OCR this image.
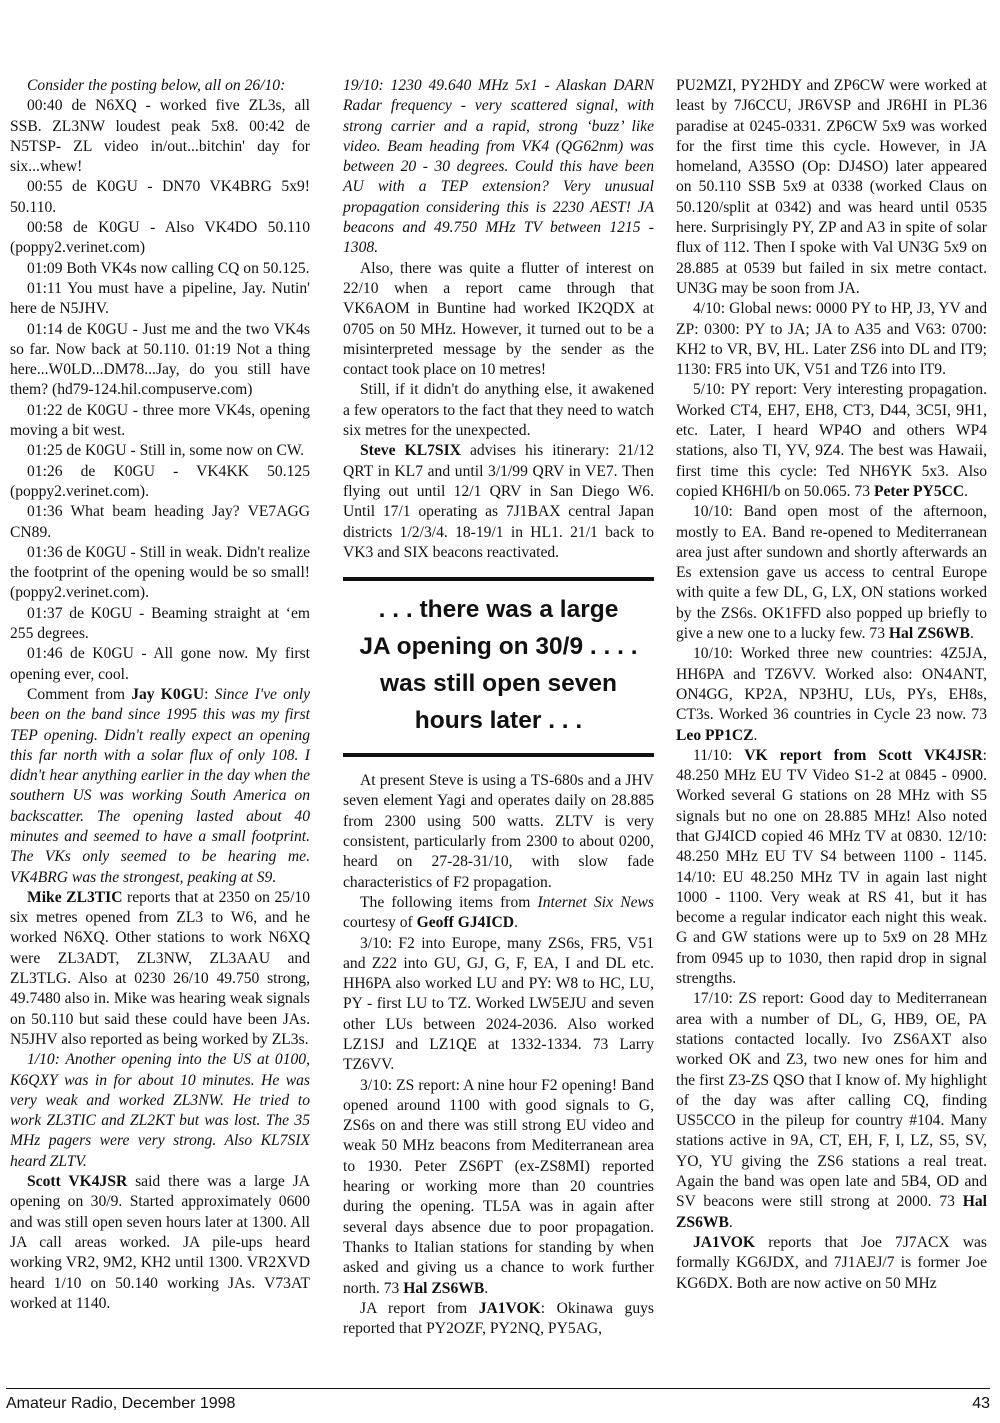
Consider the posting below, all on 26/10:

00:40 de N6XQ - worked five ZL3s, all SSB. ZL3NW loudest peak 5x8. 00:42 de N5TSP- ZL video in/out...bitchin' day for six...whew!

00:55 de K0GU - DN70 VK4BRG 5x9! 50.110.

00:58 de K0GU - Also VK4DO 50.110 (poppy2.verinet.com)

01:09 Both VK4s now calling CQ on 50.125.

01:11 You must have a pipeline, Jay. Nutin' here de N5JHV.

01:14 de K0GU - Just me and the two VK4s so far. Now back at 50.110. 01:19 Not a thing here...W0LD...DM78...Jay, do you still have them? (hd79-124.hil.compuserve.com)

01:22 de K0GU - three more VK4s, opening moving a bit west.

01:25 de K0GU - Still in, some now on CW.

01:26 de K0GU - VK4KK 50.125 (poppy2.verinet.com).

01:36 What beam heading Jay? VE7AGG CN89.

01:36 de K0GU - Still in weak. Didn't realize the footprint of the opening would be so small! (poppy2.verinet.com).

01:37 de K0GU - Beaming straight at ‘em 255 degrees.

01:46 de K0GU - All gone now. My first opening ever, cool.

Comment from Jay K0GU: Since I've only been on the band since 1995 this was my first TEP opening. Didn't really expect an opening this far north with a solar flux of only 108. I didn't hear anything earlier in the day when the southern US was working South America on backscatter. The opening lasted about 40 minutes and seemed to have a small footprint. The VKs only seemed to be hearing me. VK4BRG was the strongest, peaking at S9.

Mike ZL3TIC reports that at 2350 on 25/10 six metres opened from ZL3 to W6, and he worked N6XQ. Other stations to work N6XQ were ZL3ADT, ZL3NW, ZL3AAU and ZL3TLG. Also at 0230 26/10 49.750 strong, 49.7480 also in. Mike was hearing weak signals on 50.110 but said these could have been JAs. N5JHV also reported as being worked by ZL3s.

1/10: Another opening into the US at 0100, K6QXY was in for about 10 minutes. He was very weak and worked ZL3NW. He tried to work ZL3TIC and ZL2KT but was lost. The 35 MHz pagers were very strong. Also KL7SIX heard ZLTV.

Scott VK4JSR said there was a large JA opening on 30/9. Started approximately 0600 and was still open seven hours later at 1300. All JA call areas worked. JA pile-ups heard working VR2, 9M2, KH2 until 1300. VR2XVD heard 1/10 on 50.140 working JAs. V73AT worked at 1140.

19/10: 1230 49.640 MHz 5x1 - Alaskan DARN Radar frequency - very scattered signal, with strong carrier and a rapid, strong ‘buzz’ like video. Beam heading from VK4 (QG62nm) was between 20 - 30 degrees. Could this have been AU with a TEP extension? Very unusual propagation considering this is 2230 AEST! JA beacons and 49.750 MHz TV between 1215 - 1308.

Also, there was quite a flutter of interest on 22/10 when a report came through that VK6AOM in Buntine had worked IK2QDX at 0705 on 50 MHz. However, it turned out to be a misinterpreted message by the sender as the contact took place on 10 metres!

Still, if it didn't do anything else, it awakened a few operators to the fact that they need to watch six metres for the unexpected.

Steve KL7SIX advises his itinerary: 21/12 QRT in KL7 and until 3/1/99 QRV in VE7. Then flying out until 12/1 QRV in San Diego W6. Until 17/1 operating as 7J1BAX central Japan districts 1/2/3/4. 18-19/1 in HL1. 21/1 back to VK3 and SIX beacons reactivated.

. . . there was a large
JA opening on 30/9 . . . .
was still open seven
hours later . . .

At present Steve is using a TS-680s and a JHV seven element Yagi and operates daily on 28.885 from 2300 using 500 watts. ZLTV is very consistent, particularly from 2300 to about 0200, heard on 27-28-31/10, with slow fade characteristics of F2 propagation.

The following items from Internet Six News courtesy of Geoff GJ4ICD.

3/10: F2 into Europe, many ZS6s, FR5, V51 and Z22 into GU, GJ, G, F, EA, I and DL etc. HH6PA also worked LU and PY: W8 to HC, LU, PY - first LU to TZ. Worked LW5EJU and seven other LUs between 2024-2036. Also worked LZ1SJ and LZ1QE at 1332-1334. 73 Larry TZ6VV.

3/10: ZS report: A nine hour F2 opening! Band opened around 1100 with good signals to G, ZS6s on and there was still strong EU video and weak 50 MHz beacons from Mediterranean area to 1930. Peter ZS6PT (ex-ZS8MI) reported hearing or working more than 20 countries during the opening. TL5A was in again after several days absence due to poor propagation. Thanks to Italian stations for standing by when asked and giving us a chance to work further north. 73 Hal ZS6WB.

JA report from JA1VOK: Okinawa guys reported that PY2OZF, PY2NQ, PY5AG,

PU2MZI, PY2HDY and ZP6CW were worked at least by 7J6CCU, JR6VSP and JR6HI in PL36 paradise at 0245-0331. ZP6CW 5x9 was worked for the first time this cycle. However, in JA homeland, A35SO (Op: DJ4SO) later appeared on 50.110 SSB 5x9 at 0338 (worked Claus on 50.120/split at 0342) and was heard until 0535 here. Surprisingly PY, ZP and A3 in spite of solar flux of 112. Then I spoke with Val UN3G 5x9 on 28.885 at 0539 but failed in six metre contact. UN3G may be soon from JA.

4/10: Global news: 0000 PY to HP, J3, YV and ZP: 0300: PY to JA; JA to A35 and V63: 0700: KH2 to VR, BV, HL. Later ZS6 into DL and IT9; 1130: FR5 into UK, V51 and TZ6 into IT9.

5/10: PY report: Very interesting propagation. Worked CT4, EH7, EH8, CT3, D44, 3C5I, 9H1, etc. Later, I heard WP4O and others WP4 stations, also TI, YV, 9Z4. The best was Hawaii, first time this cycle: Ted NH6YK 5x3. Also copied KH6HI/b on 50.065. 73 Peter PY5CC.

10/10: Band open most of the afternoon, mostly to EA. Band re-opened to Mediterranean area just after sundown and shortly afterwards an Es extension gave us access to central Europe with quite a few DL, G, LX, ON stations worked by the ZS6s. OK1FFD also popped up briefly to give a new one to a lucky few. 73 Hal ZS6WB.

10/10: Worked three new countries: 4Z5JA, HH6PA and TZ6VV. Worked also: ON4ANT, ON4GG, KP2A, NP3HU, LUs, PYs, EH8s, CT3s. Worked 36 countries in Cycle 23 now. 73 Leo PP1CZ.

11/10: VK report from Scott VK4JSR: 48.250 MHz EU TV Video S1-2 at 0845 - 0900. Worked several G stations on 28 MHz with S5 signals but no one on 28.885 MHz! Also noted that GJ4ICD copied 46 MHz TV at 0830. 12/10: 48.250 MHz EU TV S4 between 1100 - 1145. 14/10: EU 48.250 MHz TV in again last night 1000 - 1100. Very weak at RS 41, but it has become a regular indicator each night this weak. G and GW stations were up to 5x9 on 28 MHz from 0945 up to 1030, then rapid drop in signal strengths.

17/10: ZS report: Good day to Mediterranean area with a number of DL, G, HB9, OE, PA stations contacted locally. Ivo ZS6AXT also worked OK and Z3, two new ones for him and the first Z3-ZS QSO that I know of. My highlight of the day was after calling CQ, finding US5CCO in the pileup for country #104. Many stations active in 9A, CT, EH, F, I, LZ, S5, SV, YO, YU giving the ZS6 stations a real treat. Again the band was open late and 5B4, OD and SV beacons were still strong at 2000. 73 Hal ZS6WB.

JA1VOK reports that Joe 7J7ACX was formally KG6JDX, and 7J1AEJ/7 is former Joe KG6DX. Both are now active on 50 MHz

Amateur Radio, December 1998	43
